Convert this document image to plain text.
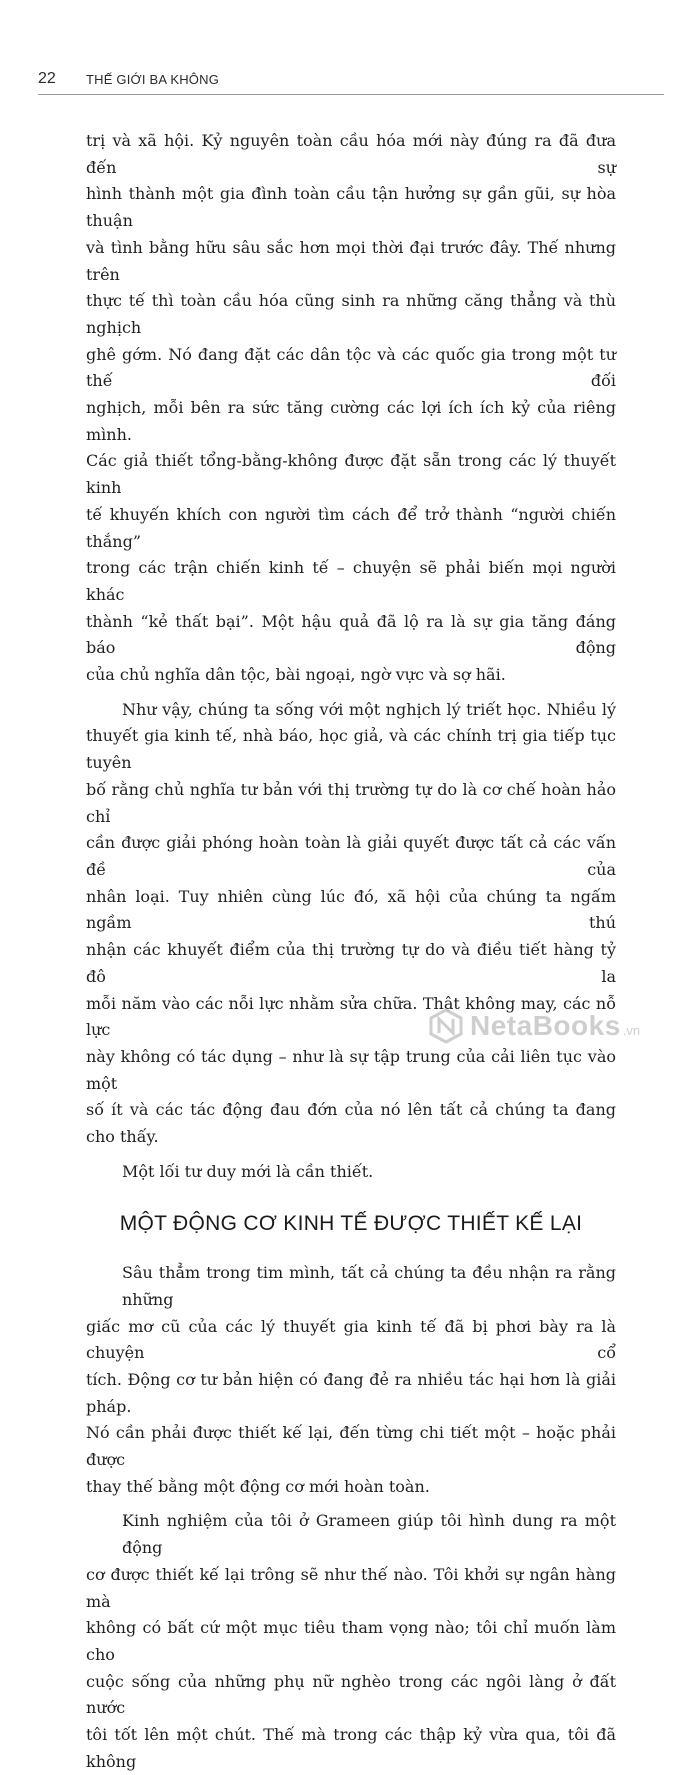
22 THẾ GIỚI BA KHÔNG

trị và xã hội. Kỷ nguyên toàn cầu hóa mới này đúng ra đã đưa đến sự
hình thành một gia đình toàn cầu tận hưởng sự gần gũi, sự hòa thuận
và tình bằng hữu sâu sắc hơn mọi thời đại trước đây. Thế nhưng trên
thực tế thì toàn cầu hóa cũng sinh ra những căng thẳng và thù nghịch
ghê gớm. Nó đang đặt các dân tộc và các quốc gia trong một tư thế đối
nghịch, mỗi bên ra sức tăng cường các lợi ích ích kỷ của riêng mình.
Các giả thiết tổng-bằng-không được đặt sẵn trong các lý thuyết kinh
tế khuyến khích con người tìm cách để trở thành “người chiến thắng”
trong các trận chiến kinh tế – chuyện sẽ phải biến mọi người khác
thành “kẻ thất bại”. Một hậu quả đã lộ ra là sự gia tăng đáng báo động
của chủ nghĩa dân tộc, bài ngoại, ngờ vực và sợ hãi.

Như vậy, chúng ta sống với một nghịch lý triết học. Nhiều lý
thuyết gia kinh tế, nhà báo, học giả, và các chính trị gia tiếp tục tuyên
bố rằng chủ nghĩa tư bản với thị trường tự do là cơ chế hoàn hảo chỉ
cần được giải phóng hoàn toàn là giải quyết được tất cả các vấn đề của
nhân loại. Tuy nhiên cùng lúc đó, xã hội của chúng ta ngấm ngầm thú
nhận các khuyết điểm của thị trường tự do và điều tiết hàng tỷ đô la
mỗi năm vào các nỗi lực nhằm sửa chữa. Thật không may, các nỗ lực
này không có tác dụng – như là sự tập trung của cải liên tục vào một
số ít và các tác động đau đớn của nó lên tất cả chúng ta đang cho thấy.

Một lối tư duy mới là cần thiết.

MỘT ĐỘNG CƠ KINH TẾ ĐƯỢC THIẾT KẾ LẠI

Sâu thẳm trong tim mình, tất cả chúng ta đều nhận ra rằng những
giấc mơ cũ của các lý thuyết gia kinh tế đã bị phơi bày ra là chuyện cổ
tích. Động cơ tư bản hiện có đang đẻ ra nhiều tác hại hơn là giải pháp.
Nó cần phải được thiết kế lại, đến từng chi tiết một – hoặc phải được
thay thế bằng một động cơ mới hoàn toàn.

Kinh nghiệm của tôi ở Grameen giúp tôi hình dung ra một động
cơ được thiết kế lại trông sẽ như thế nào. Tôi khởi sự ngân hàng mà
không có bất cứ một mục tiêu tham vọng nào; tôi chỉ muốn làm cho
cuộc sống của những phụ nữ nghèo trong các ngôi làng ở đất nước
tôi tốt lên một chút. Thế mà trong các thập kỷ vừa qua, tôi đã không

NetaBooks .vn
